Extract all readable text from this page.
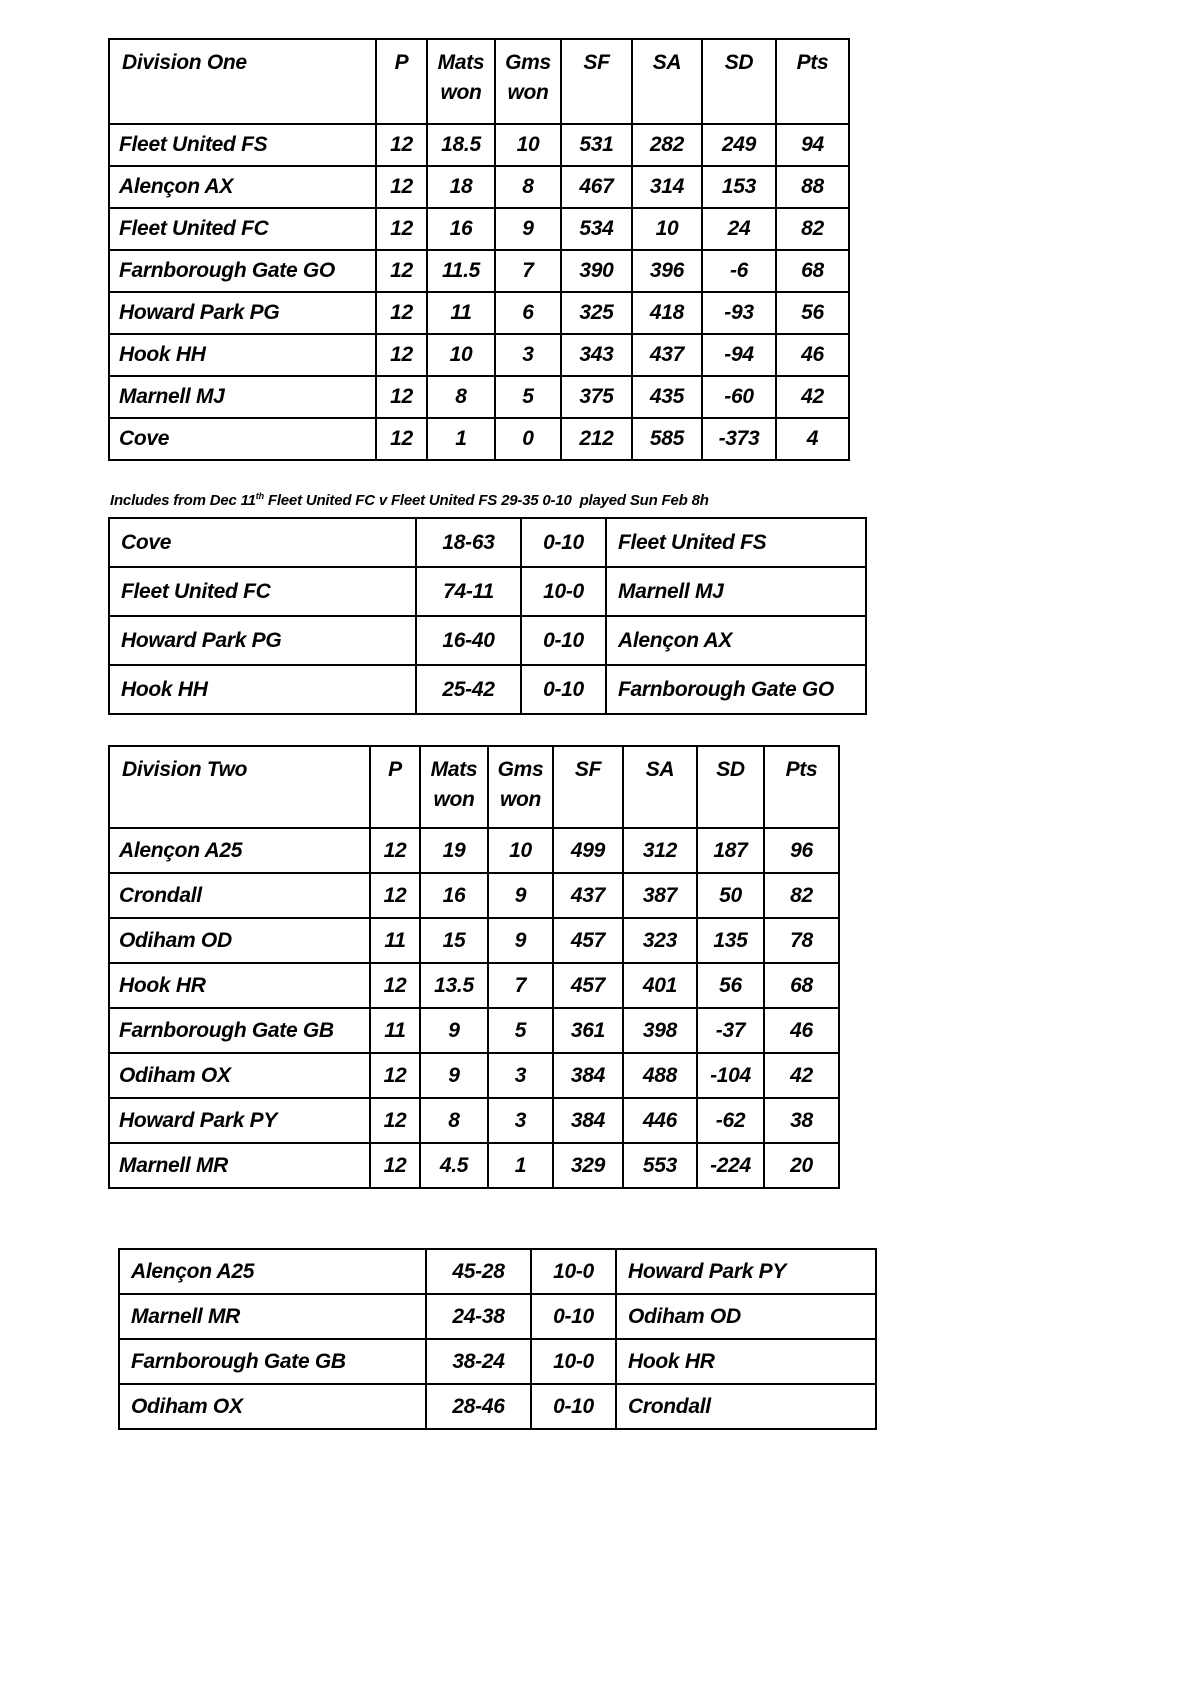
Division One	P	Mats won	Gms won	SF	SA	SD	Pts
Fleet United FS	12	18.5	10	531	282	249	94
Alençon AX	12	18	8	467	314	153	88
Fleet United FC	12	16	9	534	10	24	82
Farnborough Gate GO	12	11.5	7	390	396	-6	68
Howard Park PG	12	11	6	325	418	-93	56
Hook HH	12	10	3	343	437	-94	46
Marnell MJ	12	8	5	375	435	-60	42
Cove	12	1	0	212	585	-373	4

Includes from Dec 11th Fleet United FC v Fleet United FS 29-35 0-10  played Sun Feb 8h

Cove	18-63	0-10	Fleet United FS
Fleet United FC	74-11	10-0	Marnell MJ
Howard Park PG	16-40	0-10	Alençon AX
Hook HH	25-42	0-10	Farnborough Gate GO
Division Two	P	Mats won	Gms won	SF	SA	SD	Pts
Alençon A25	12	19	10	499	312	187	96
Crondall	12	16	9	437	387	50	82
Odiham OD	11	15	9	457	323	135	78
Hook HR	12	13.5	7	457	401	56	68
Farnborough Gate GB	11	9	5	361	398	-37	46
Odiham OX	12	9	3	384	488	-104	42
Howard Park PY	12	8	3	384	446	-62	38
Marnell MR	12	4.5	1	329	553	-224	20
Alençon A25	45-28	10-0	Howard Park PY
Marnell MR	24-38	0-10	Odiham OD
Farnborough Gate GB	38-24	10-0	Hook HR
Odiham OX	28-46	0-10	Crondall
